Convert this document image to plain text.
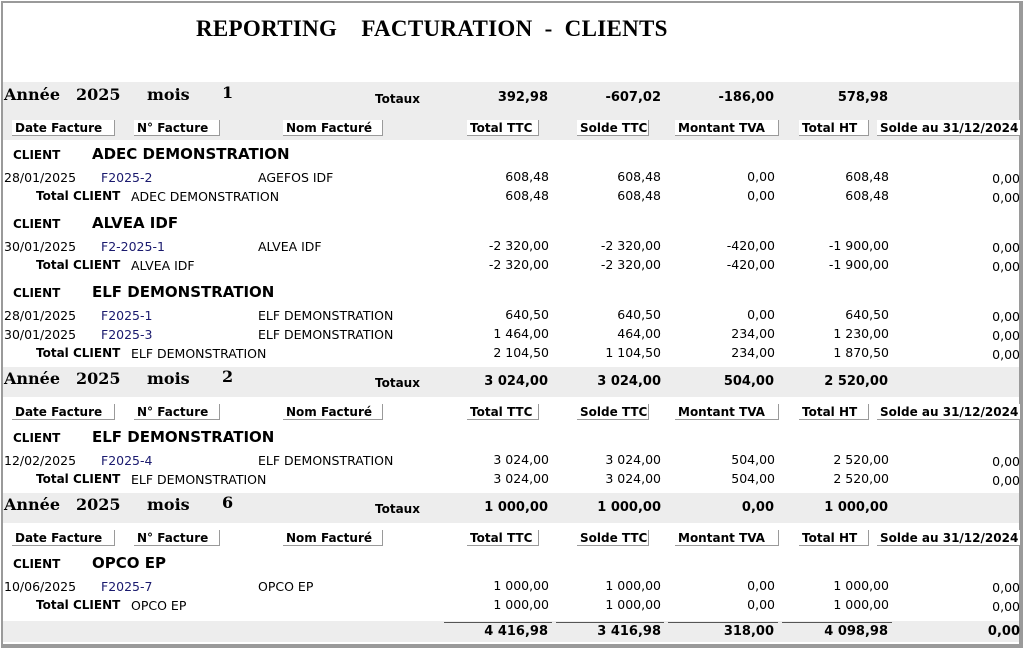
REPORTING    FACTURATION  -  CLIENTS
Année 2025 mois 1	Totaux	392,98	-607,02	-186,00	578,98
Date Facture	N° Facture	Nom Facturé	Total TTC	Solde TTC	Montant TVA	Total HT	Solde au 31/12/2024
CLIENT ADEC DEMONSTRATION
28/01/2025 F2025-2	AGEFOS IDF	608,48	608,48	0,00	608,48	0,00
Total CLIENT ADEC DEMONSTRATION	608,48	608,48	0,00	608,48	0,00
CLIENT ALVEA IDF
30/01/2025 F2-2025-1	ALVEA IDF	-2 320,00	-2 320,00	-420,00	-1 900,00	0,00
Total CLIENT ALVEA IDF	-2 320,00	-2 320,00	-420,00	-1 900,00	0,00
CLIENT ELF DEMONSTRATION
28/01/2025 F2025-1	ELF DEMONSTRATION	640,50	640,50	0,00	640,50	0,00
30/01/2025 F2025-3	ELF DEMONSTRATION	1 464,00	464,00	234,00	1 230,00	0,00
Total CLIENT ELF DEMONSTRATION	2 104,50	1 104,50	234,00	1 870,50	0,00
Année 2025 mois 2	Totaux	3 024,00	3 024,00	504,00	2 520,00
Date Facture	N° Facture	Nom Facturé	Total TTC	Solde TTC	Montant TVA	Total HT	Solde au 31/12/2024
CLIENT ELF DEMONSTRATION
12/02/2025 F2025-4	ELF DEMONSTRATION	3 024,00	3 024,00	504,00	2 520,00	0,00
Total CLIENT ELF DEMONSTRATION	3 024,00	3 024,00	504,00	2 520,00	0,00
Année 2025 mois 6	Totaux	1 000,00	1 000,00	0,00	1 000,00
Date Facture	N° Facture	Nom Facturé	Total TTC	Solde TTC	Montant TVA	Total HT	Solde au 31/12/2024
CLIENT OPCO EP
10/06/2025 F2025-7	OPCO EP	1 000,00	1 000,00	0,00	1 000,00	0,00
Total CLIENT OPCO EP	1 000,00	1 000,00	0,00	1 000,00	0,00
4 416,98	3 416,98	318,00	4 098,98	0,00
